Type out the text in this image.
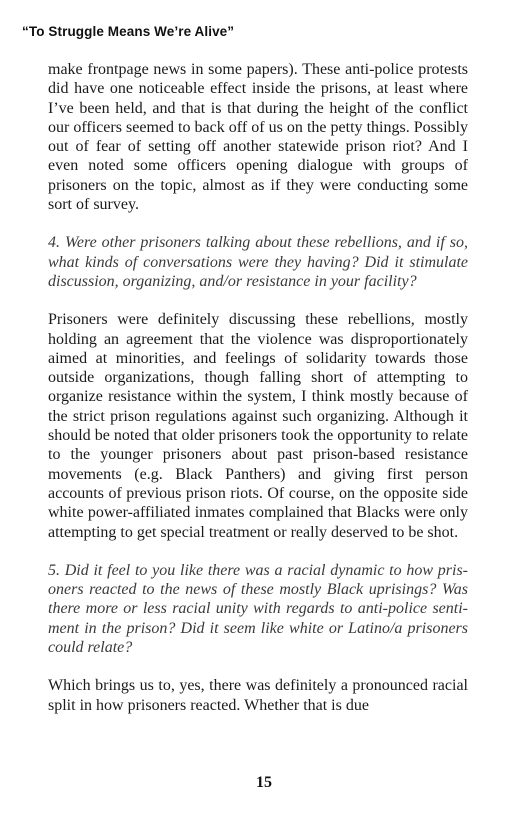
“To Struggle Means We’re Alive”

make frontpage news in some papers). These anti-police protests did have one noticeable effect inside the prisons, at least where I’ve been held, and that is that during the height of the conflict our officers seemed to back off of us on the petty things. Possibly out of fear of setting off another statewide prison riot? And I even noted some officers opening dialogue with groups of prisoners on the topic, almost as if they were conducting some sort of survey.

4. Were other prisoners talking about these rebellions, and if so, what kinds of conversations were they having? Did it stimulate discussion, organizing, and/or resistance in your facility?

Prisoners were definitely discussing these rebellions, mostly holding an agreement that the violence was disproportionately aimed at minorities, and feelings of solidarity towards those outside organizations, though falling short of attempting to organize resistance within the system, I think mostly because of the strict prison regulations against such organizing. Although it should be noted that older prisoners took the opportunity to relate to the younger prisoners about past prison-based resistance movements (e.g. Black Panthers) and giving first person accounts of previous prison riots. Of course, on the opposite side white power-affiliated inmates complained that Blacks were only attempting to get special treatment or really deserved to be shot.

5. Did it feel to you like there was a racial dynamic to how prisoners reacted to the news of these mostly Black uprisings? Was there more or less racial unity with regards to anti-police sentiment in the prison? Did it seem like white or Latino/a prisoners could relate?

Which brings us to, yes, there was definitely a pronounced racial split in how prisoners reacted. Whether that is due

15
